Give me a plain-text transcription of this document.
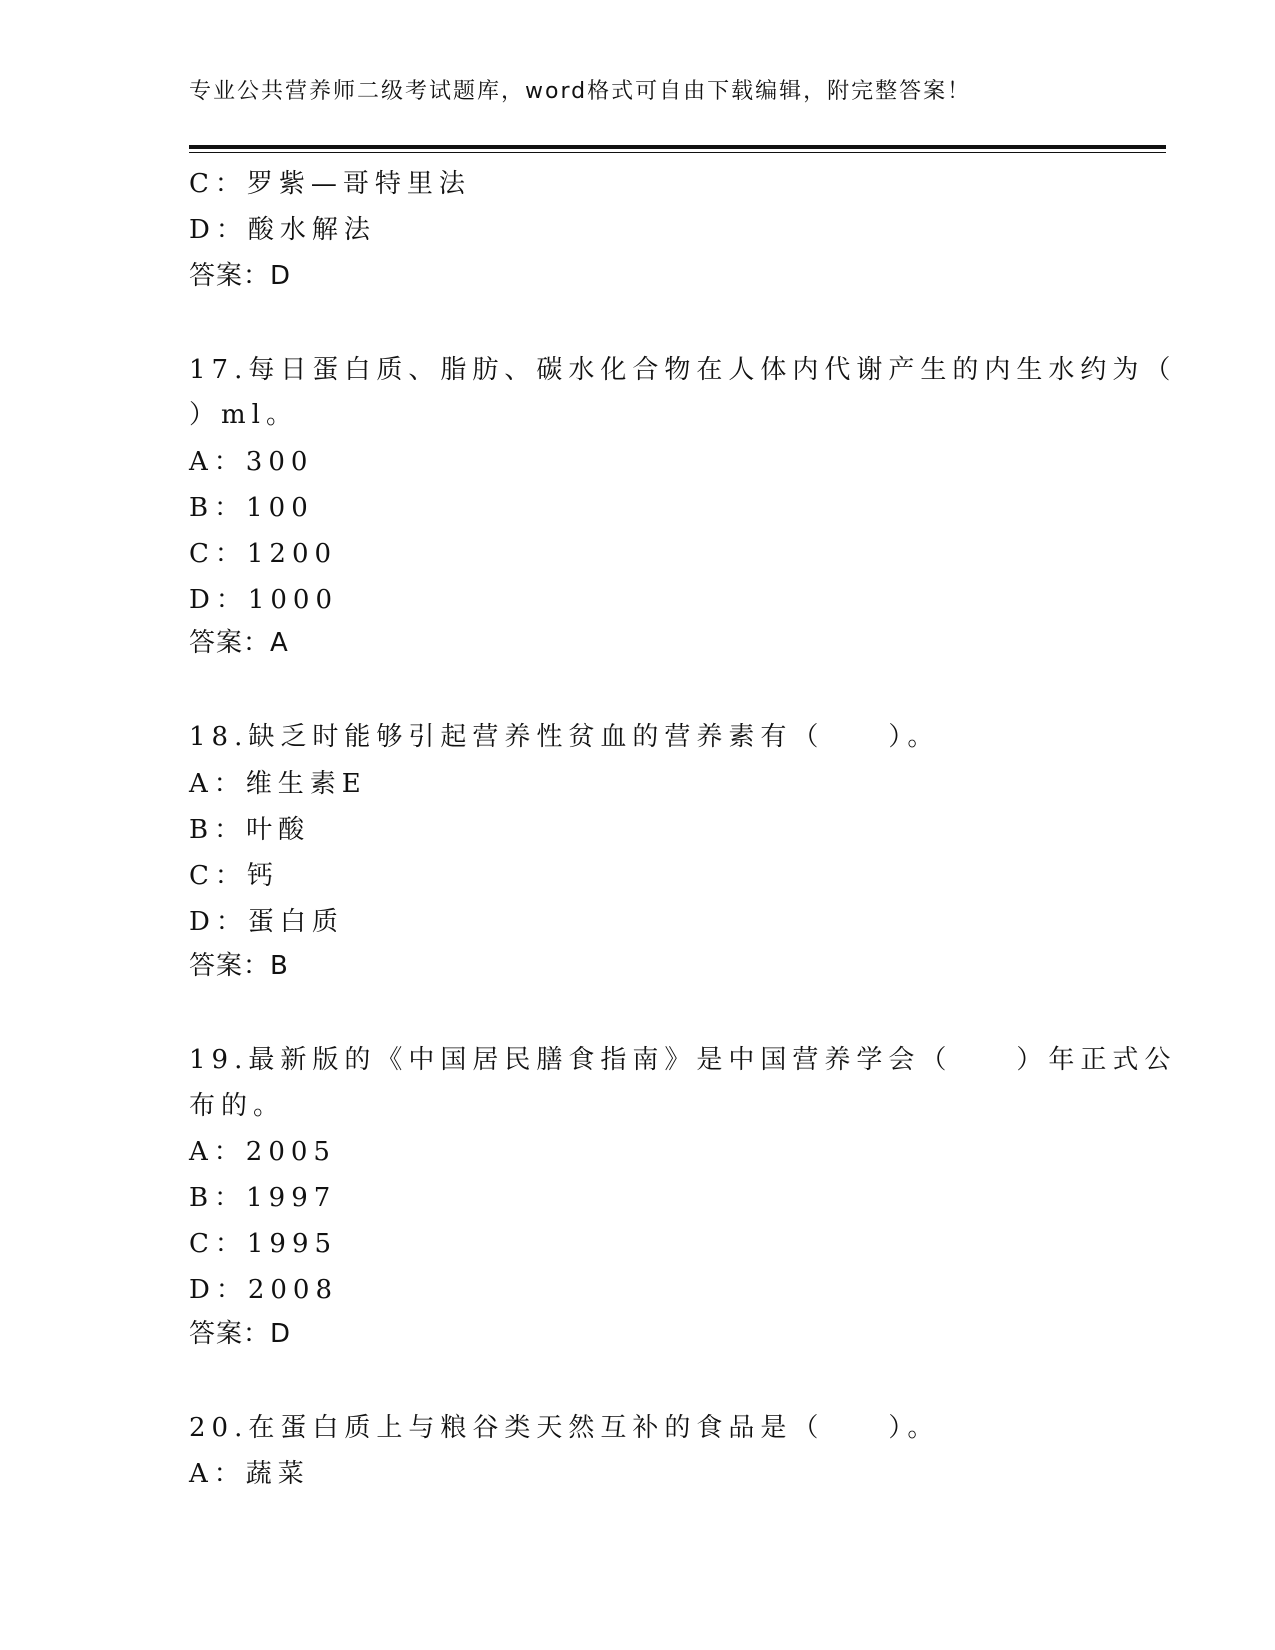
专业公共营养师二级考试题库，word格式可自由下载编辑，附完整答案！
C：罗紫—哥特里法
D：酸水解法
答案：D
17.每日蛋白质、脂肪、碳水化合物在人体内代谢产生的内生水约为（
）ml。
A：300
B：100
C：1200
D：1000
答案：A
18.缺乏时能够引起营养性贫血的营养素有（　　）。
A：维生素E
B：叶酸
C：钙
D：蛋白质
答案：B
19.最新版的《中国居民膳食指南》是中国营养学会（　　）年正式公
布的。
A：2005
B：1997
C：1995
D：2008
答案：D
20.在蛋白质上与粮谷类天然互补的食品是（　　）。
A：蔬菜
